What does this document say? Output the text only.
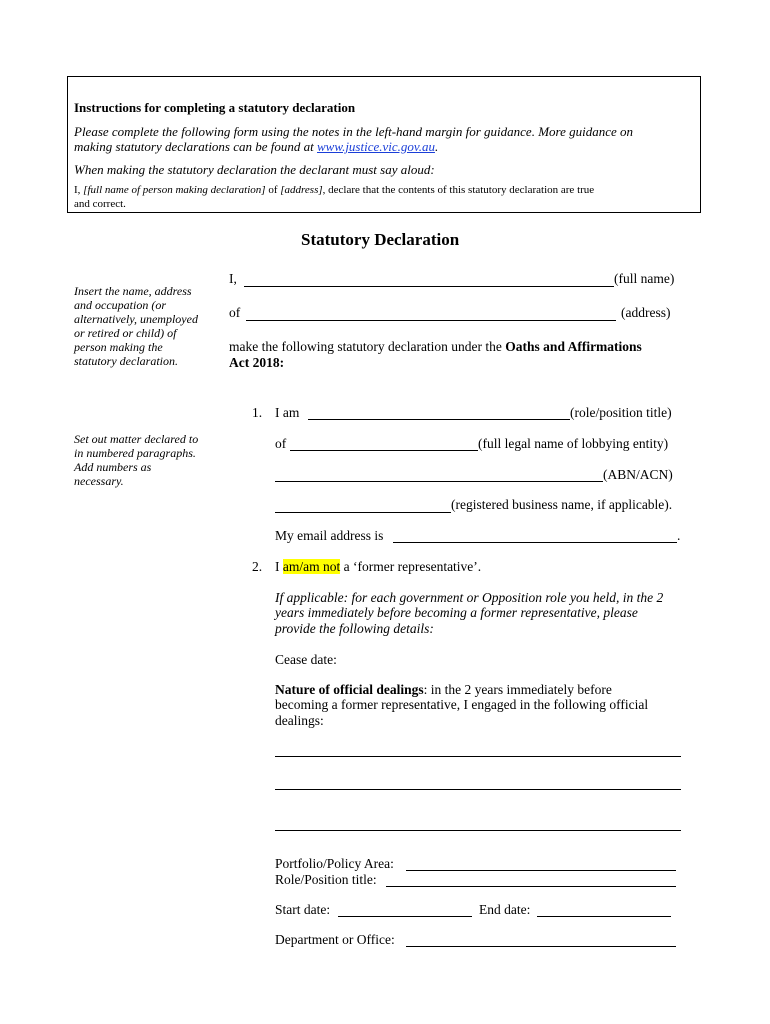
Instructions for completing a statutory declaration
Please complete the following form using the notes in the left-hand margin for guidance. More guidance on
making statutory declarations can be found at www.justice.vic.gov.au.
When making the statutory declaration the declarant must say aloud:
I, [full name of person making declaration] of [address], declare that the contents of this statutory declaration are true
and correct.
Statutory Declaration
Insert the name, address
and occupation (or
alternatively, unemployed
or retired or child) of
person making the
statutory declaration.
Set out matter declared to
in numbered paragraphs.
Add numbers as
necessary.
I,	(full name)
of	(address)
make the following statutory declaration under the Oaths and Affirmations
Act 2018:
1. I am	(role/position title)
of	(full legal name of lobbying entity)
(ABN/ACN)
(registered business name, if applicable).
My email address is	.
2. I am/am not a ‘former representative’.
If applicable: for each government or Opposition role you held, in the 2
years immediately before becoming a former representative, please
provide the following details:
Cease date:
Nature of official dealings: in the 2 years immediately before
becoming a former representative, I engaged in the following official
dealings:
Portfolio/Policy Area:
Role/Position title:
Start date:	End date:
Department or Office:
